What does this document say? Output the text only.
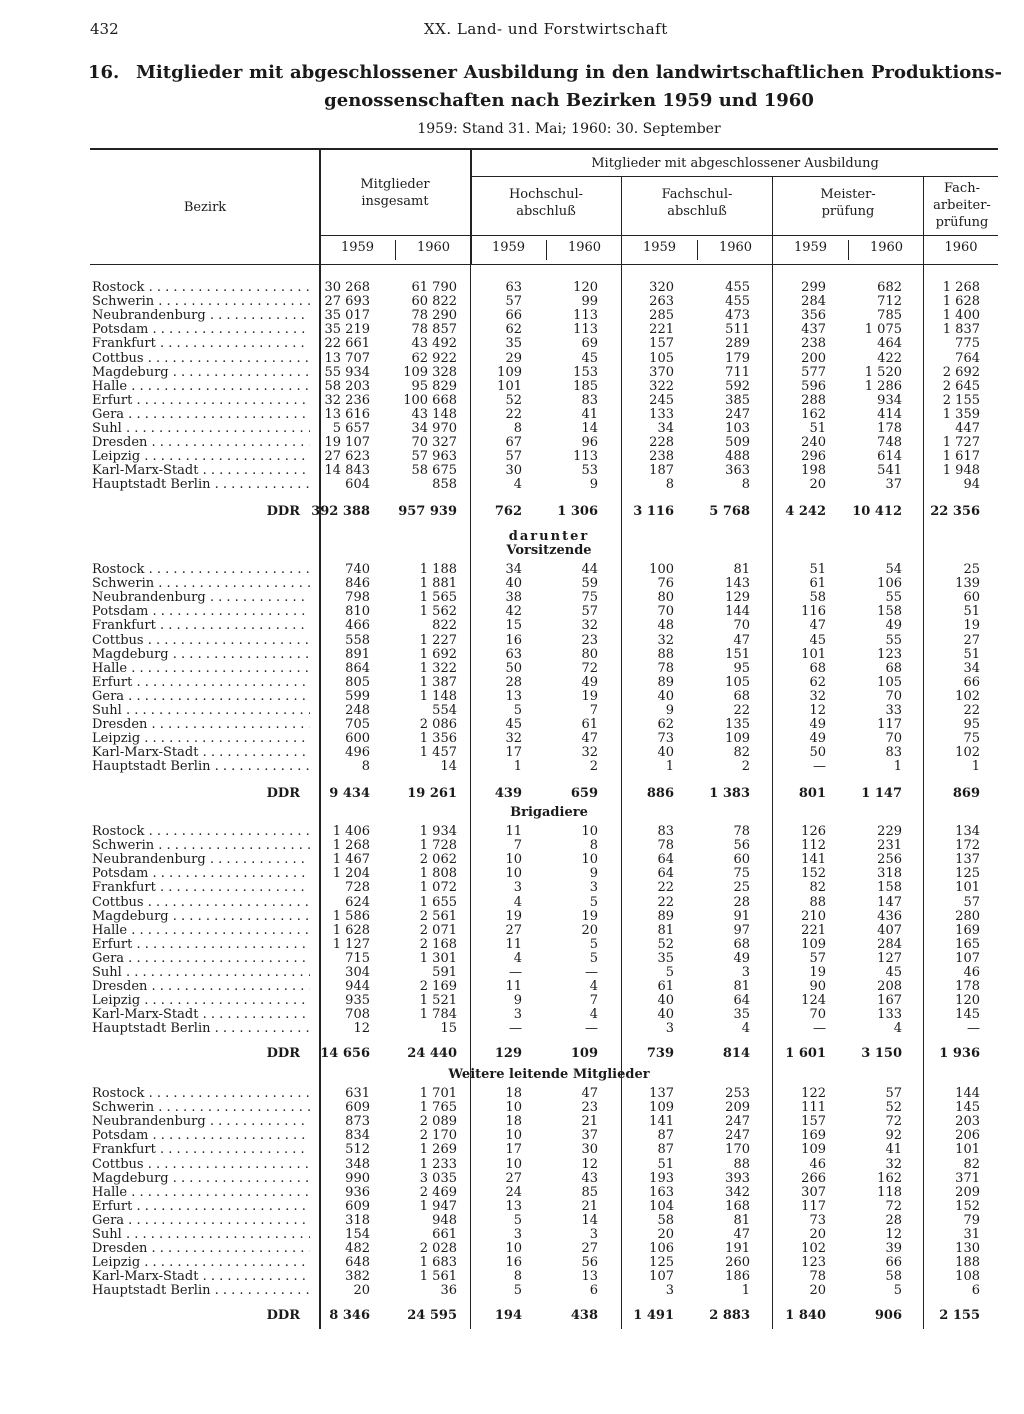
432	XX. Land- und Forstwirtschaft
16. Mitglieder mit abgeschlossener Ausbildung in den landwirtschaftlichen Produktions-
genossenschaften nach Bezirken 1959 und 1960
1959: Stand 31. Mai; 1960: 30. September
Bezirk
Mitglieder insgesamt
Mitglieder mit abgeschlossener Ausbildung
Hochschul-abschluß
Fachschul-abschluß
Meister-prüfung
Fach-arbeiter-prüfung
1959	1960	1959	1960	1959	1960	1959	1960	1960
Rostock . . .	30 268	61 790	63	120	320	455	299	682	1 268
Schwerin . . .	27 693	60 822	57	99	263	455	284	712	1 628
Neubrandenburg . . .	35 017	78 290	66	113	285	473	356	785	1 400
Potsdam . . .	35 219	78 857	62	113	221	511	437	1 075	1 837
Frankfurt . . .	22 661	43 492	35	69	157	289	238	464	775
Cottbus . . .	13 707	62 922	29	45	105	179	200	422	764
Magdeburg . . .	55 934	109 328	109	153	370	711	577	1 520	2 692
Halle . . .	58 203	95 829	101	185	322	592	596	1 286	2 645
Erfurt . . .	32 236	100 668	52	83	245	385	288	934	2 155
Gera . . .	13 616	43 148	22	41	133	247	162	414	1 359
Suhl . . .	5 657	34 970	8	14	34	103	51	178	447
Dresden . . .	19 107	70 327	67	96	228	509	240	748	1 727
Leipzig . . .	27 623	57 963	57	113	238	488	296	614	1 617
Karl-Marx-Stadt . . .	14 843	58 675	30	53	187	363	198	541	1 948
Hauptstadt Berlin . . .	604	858	4	9	8	8	20	37	94
DDR 392 388	957 939	762	1 306	3 116	5 768	4 242	10 412	22 356
darunter
Vorsitzende
Rostock . . .	740	1 188	34	44	100	81	51	54	25
Schwerin . . .	846	1 881	40	59	76	143	61	106	139
Neubrandenburg . . .	798	1 565	38	75	80	129	58	55	60
Potsdam . . .	810	1 562	42	57	70	144	116	158	51
Frankfurt . . .	466	822	15	32	48	70	47	49	19
Cottbus . . .	558	1 227	16	23	32	47	45	55	27
Magdeburg . . .	891	1 692	63	80	88	151	101	123	51
Halle . . .	864	1 322	50	72	78	95	68	68	34
Erfurt . . .	805	1 387	28	49	89	105	62	105	66
Gera . . .	599	1 148	13	19	40	68	32	70	102
Suhl . . .	248	554	5	7	9	22	12	33	22
Dresden . . .	705	2 086	45	61	62	135	49	117	95
Leipzig . . .	600	1 356	32	47	73	109	49	70	75
Karl-Marx-Stadt . . .	496	1 457	17	32	40	82	50	83	102
Hauptstadt Berlin . . .	8	14	1	2	1	2	—	1	1
DDR	9 434	19 261	439	659	886	1 383	801	1 147	869
Brigadiere
Rostock . . .	1 406	1 934	11	10	83	78	126	229	134
Schwerin . . .	1 268	1 728	7	8	78	56	112	231	172
Neubrandenburg . . .	1 467	2 062	10	10	64	60	141	256	137
Potsdam . . .	1 204	1 808	10	9	64	75	152	318	125
Frankfurt . . .	728	1 072	3	3	22	25	82	158	101
Cottbus . . .	624	1 655	4	5	22	28	88	147	57
Magdeburg . . .	1 586	2 561	19	19	89	91	210	436	280
Halle . . .	1 628	2 071	27	20	81	97	221	407	169
Erfurt . . .	1 127	2 168	11	5	52	68	109	284	165
Gera . . .	715	1 301	4	5	35	49	57	127	107
Suhl . . .	304	591	—	—	5	3	19	45	46
Dresden . . .	944	2 169	11	4	61	81	90	208	178
Leipzig . . .	935	1 521	9	7	40	64	124	167	120
Karl-Marx-Stadt . . .	708	1 784	3	4	40	35	70	133	145
Hauptstadt Berlin . . .	12	15	—	—	3	4	—	4	—
DDR	14 656	24 440	129	109	739	814	1 601	3 150	1 936
Weitere leitende Mitglieder
Rostock . . .	631	1 701	18	47	137	253	122	57	144
Schwerin . . .	609	1 765	10	23	109	209	111	52	145
Neubrandenburg . . .	873	2 089	18	21	141	247	157	72	203
Potsdam . . .	834	2 170	10	37	87	247	169	92	206
Frankfurt . . .	512	1 269	17	30	87	170	109	41	101
Cottbus . . .	348	1 233	10	12	51	88	46	32	82
Magdeburg . . .	990	3 035	27	43	193	393	266	162	371
Halle . . .	936	2 469	24	85	163	342	307	118	209
Erfurt . . .	609	1 947	13	21	104	168	117	72	152
Gera . . .	318	948	5	14	58	81	73	28	79
Suhl . . .	154	661	3	3	20	47	20	12	31
Dresden . . .	482	2 028	10	27	106	191	102	39	130
Leipzig . . .	648	1 683	16	56	125	260	123	66	188
Karl-Marx-Stadt . . .	382	1 561	8	13	107	186	78	58	108
Hauptstadt Berlin . . .	20	36	5	6	3	1	20	5	6
DDR	8 346	24 595	194	438	1 491	2 883	1 840	906	2 155
